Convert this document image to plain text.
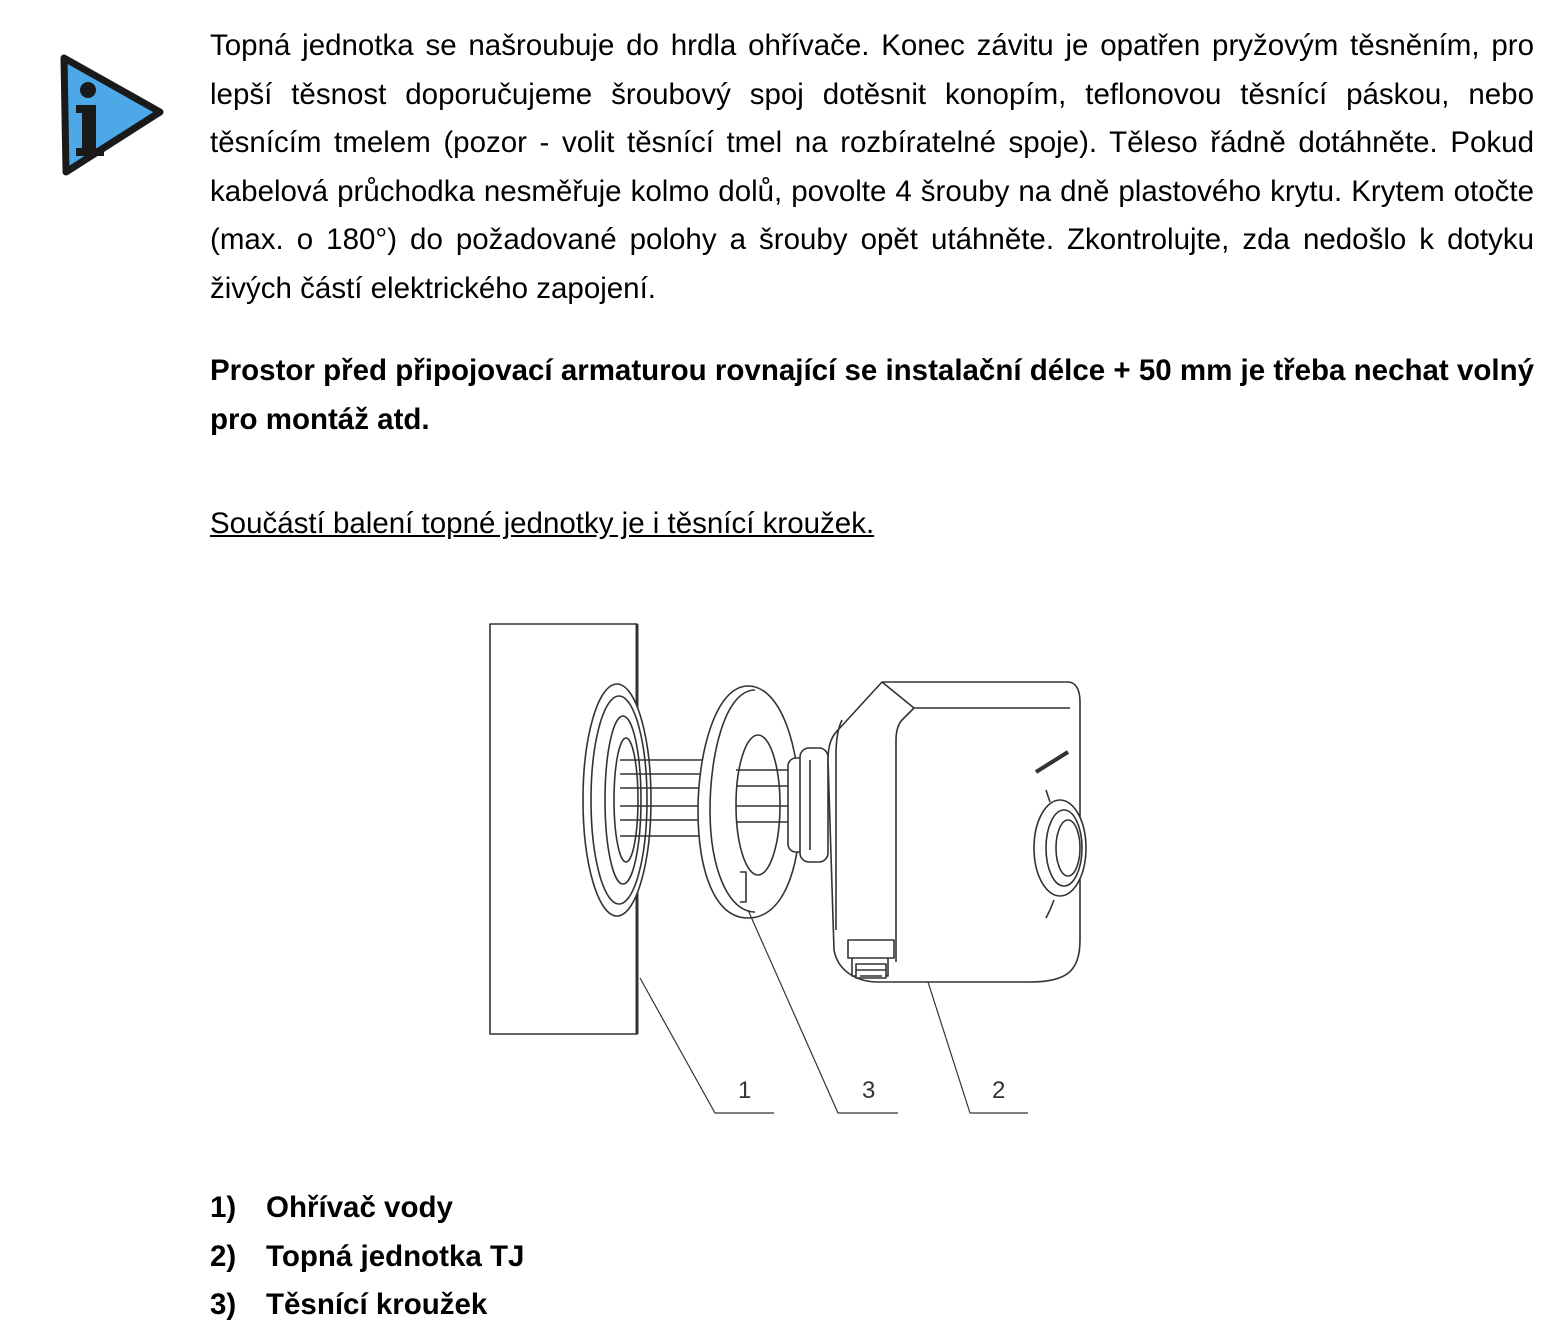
Topná jednotka se našroubuje do hrdla ohřívače. Konec závitu je opatřen pryžovým těsněním, pro lepší těsnost doporučujeme šroubový spoj dotěsnit konopím, teflonovou těsnící páskou, nebo těsnícím tmelem (pozor - volit těsnící tmel na rozbíratelné spoje). Těleso řádně dotáhněte. Pokud kabelová průchodka nesměřuje kolmo dolů, povolte 4 šrouby na dně plastového krytu. Krytem otočte (max. o 180°) do požadované polohy a šrouby opět utáhněte. Zkontrolujte, zda nedošlo k dotyku živých částí elektrického zapojení.

Prostor před připojovací armaturou rovnající se instalační délce + 50 mm je třeba nechat volný pro montáž atd.

Součástí balení topné jednotky je i těsnící kroužek.

1	3	2
1)	Ohřívač vody
2)	Topná jednotka TJ
3)	Těsnící kroužek
